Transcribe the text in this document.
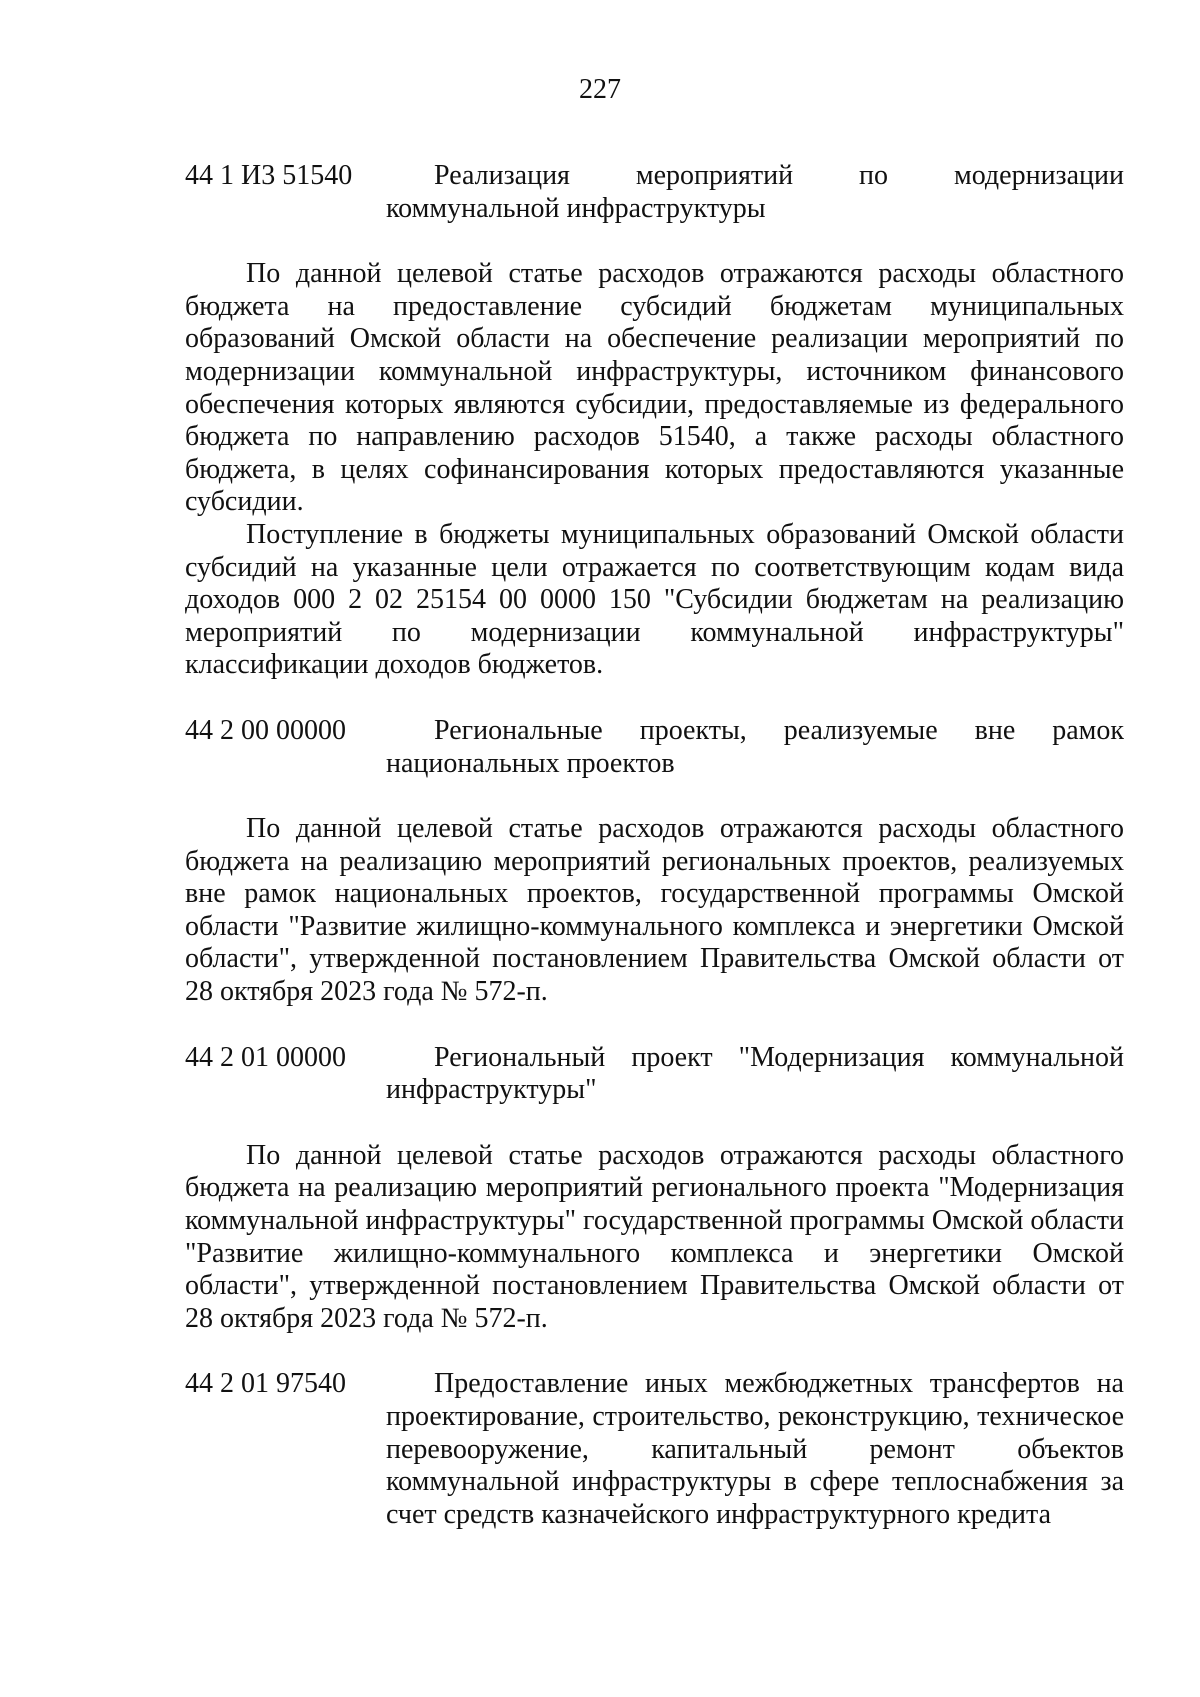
227
44 1 И3 51540	Реализация мероприятий по модернизации коммунальной инфраструктуры

По данной целевой статье расходов отражаются расходы областного бюджета на предоставление субсидий бюджетам муниципальных образований Омской области на обеспечение реализации мероприятий по модернизации коммунальной инфраструктуры, источником финансового обеспечения которых являются субсидии, предоставляемые из федерального бюджета по направлению расходов 51540, а также расходы областного бюджета, в целях софинансирования которых предоставляются указанные субсидии.

Поступление в бюджеты муниципальных образований Омской области субсидий на указанные цели отражается по соответствующим кодам вида доходов 000 2 02 25154 00 0000 150 "Субсидии бюджетам на реализацию мероприятий по модернизации коммунальной инфраструктуры" классификации доходов бюджетов.

44 2 00 00000	Региональные проекты, реализуемые вне рамок национальных проектов

По данной целевой статье расходов отражаются расходы областного бюджета на реализацию мероприятий региональных проектов, реализуемых вне рамок национальных проектов, государственной программы Омской области "Развитие жилищно-коммунального комплекса и энергетики Омской области", утвержденной постановлением Правительства Омской области от 28 октября 2023 года № 572-п.

44 2 01 00000	Региональный проект "Модернизация коммунальной инфраструктуры"

По данной целевой статье расходов отражаются расходы областного бюджета на реализацию мероприятий регионального проекта "Модернизация коммунальной инфраструктуры" государственной программы Омской области "Развитие жилищно-коммунального комплекса и энергетики Омской области", утвержденной постановлением Правительства Омской области от 28 октября 2023 года № 572-п.

44 2 01 97540	Предоставление иных межбюджетных трансфертов на проектирование, строительство, реконструкцию, техническое перевооружение, капитальный ремонт объектов коммунальной инфраструктуры в сфере теплоснабжения за счет средств казначейского инфраструктурного кредита
